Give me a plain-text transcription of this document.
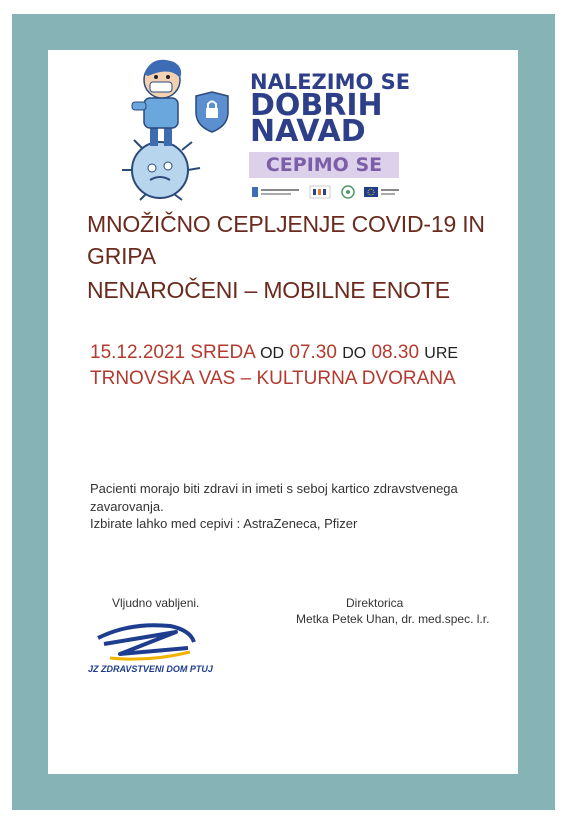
NALEZIMO SE
DOBRIH
NAVAD
CEPIMO SE
MNOŽIČNO CEPLJENJE COVID-19 IN
GRIPA
NENAROČENI – MOBILNE ENOTE
15.12.2021 SREDA OD 07.30 DO 08.30 URE
TRNOVSKA VAS – KULTURNA DVORANA
Pacienti morajo biti zdravi in imeti s seboj kartico zdravstvenega zavarovanja.
Izbirate lahko med cepivi : AstraZeneca, Pfizer
Vljudno vabljeni.	Direktorica
Metka Petek Uhan, dr. med.spec. l.r.
JZ ZDRAVSTVENI DOM PTUJ
